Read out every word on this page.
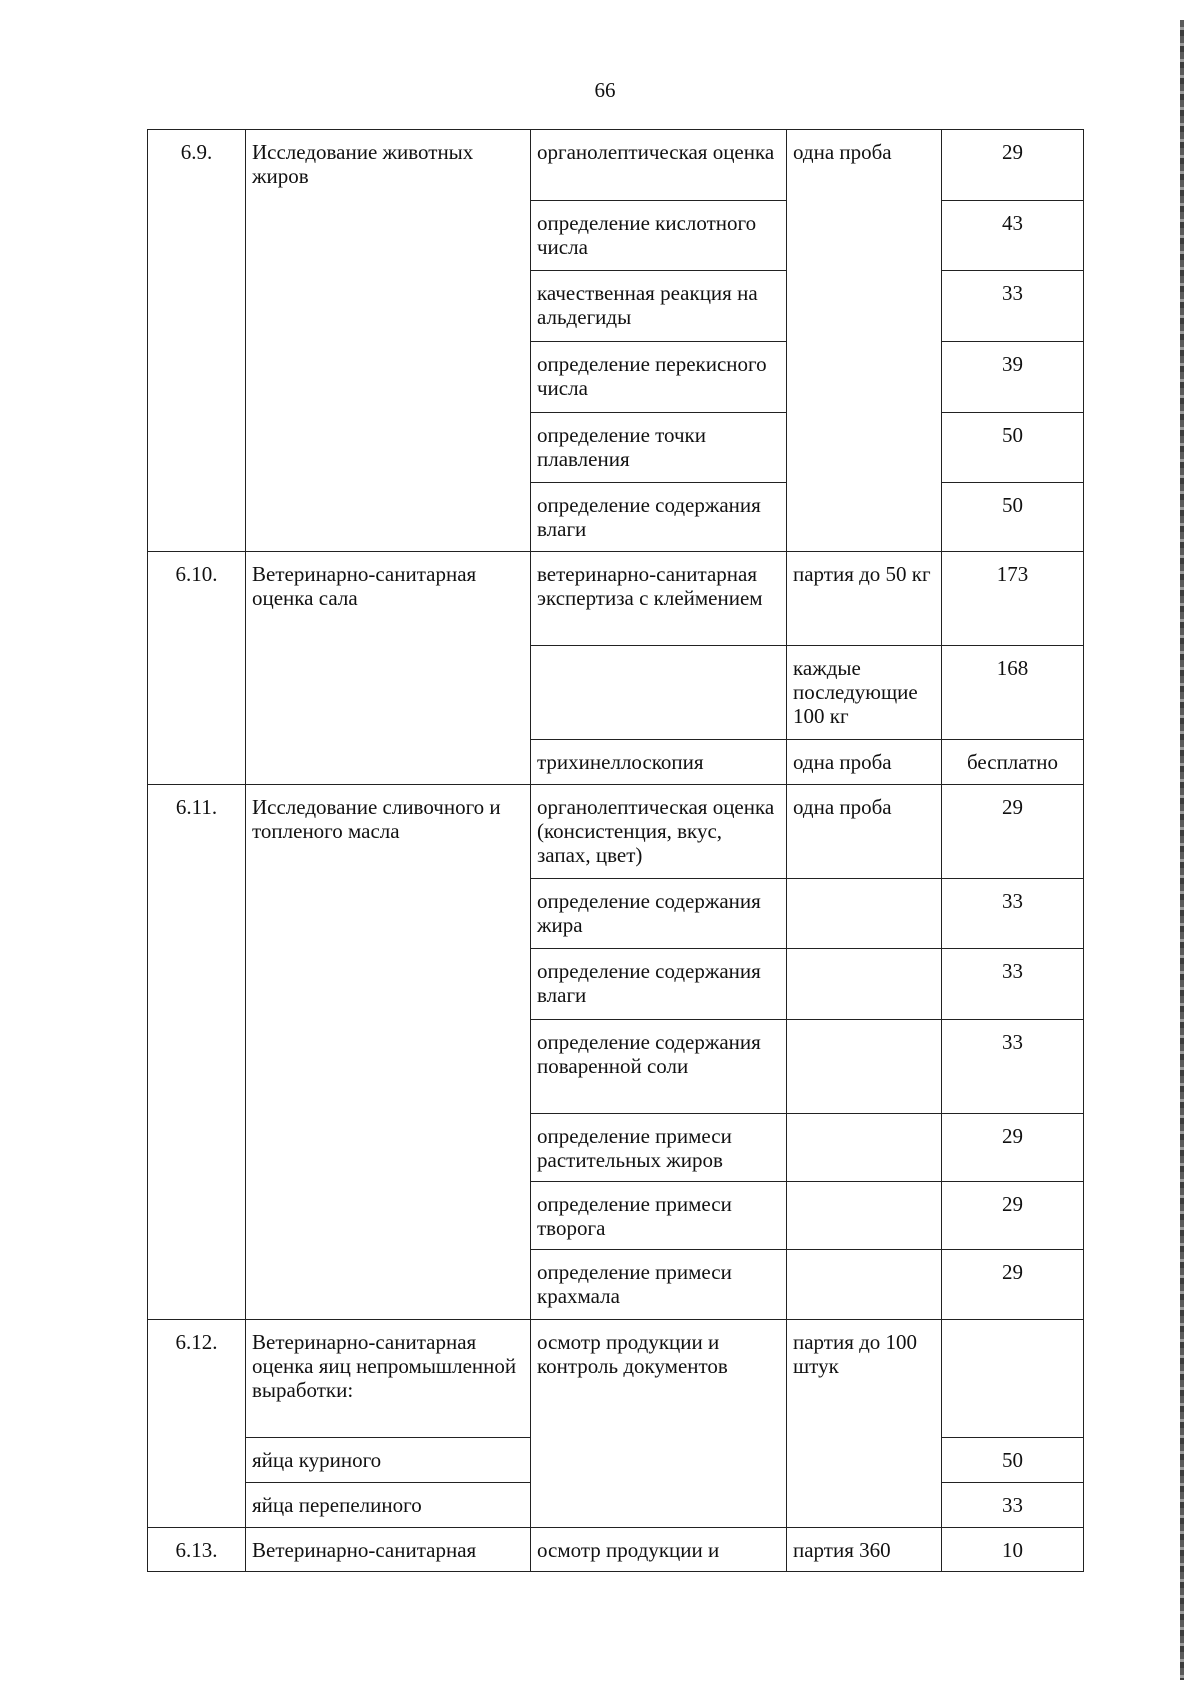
66
6.9.	Исследование животных жиров	органолептическая оценка	одна проба	29
		определение кислотного числа		43
		качественная реакция на альдегиды		33
		определение перекисного числа		39
		определение точки плавления		50
		определение содержания влаги		50
6.10.	Ветеринарно-санитарная оценка сала	ветеринарно-санитарная экспертиза с клеймением	партия до 50 кг	173
			каждые последующие 100 кг	168
		трихинеллоскопия	одна проба	бесплатно
6.11.	Исследование сливочного и топленого масла	органолептическая оценка (консистенция, вкус, запах, цвет)	одна проба	29
		определение содержания жира		33
		определение содержания влаги		33
		определение содержания поваренной соли		33
		определение примеси растительных жиров		29
		определение примеси творога		29
		определение примеси крахмала		29
6.12.	Ветеринарно-санитарная оценка яиц непромышленной выработки:	осмотр продукции и контроль документов	партия до 100 штук	
	яйца куриного			50
	яйца перепелиного			33
6.13.	Ветеринарно-санитарная	осмотр продукции и	партия 360	10
